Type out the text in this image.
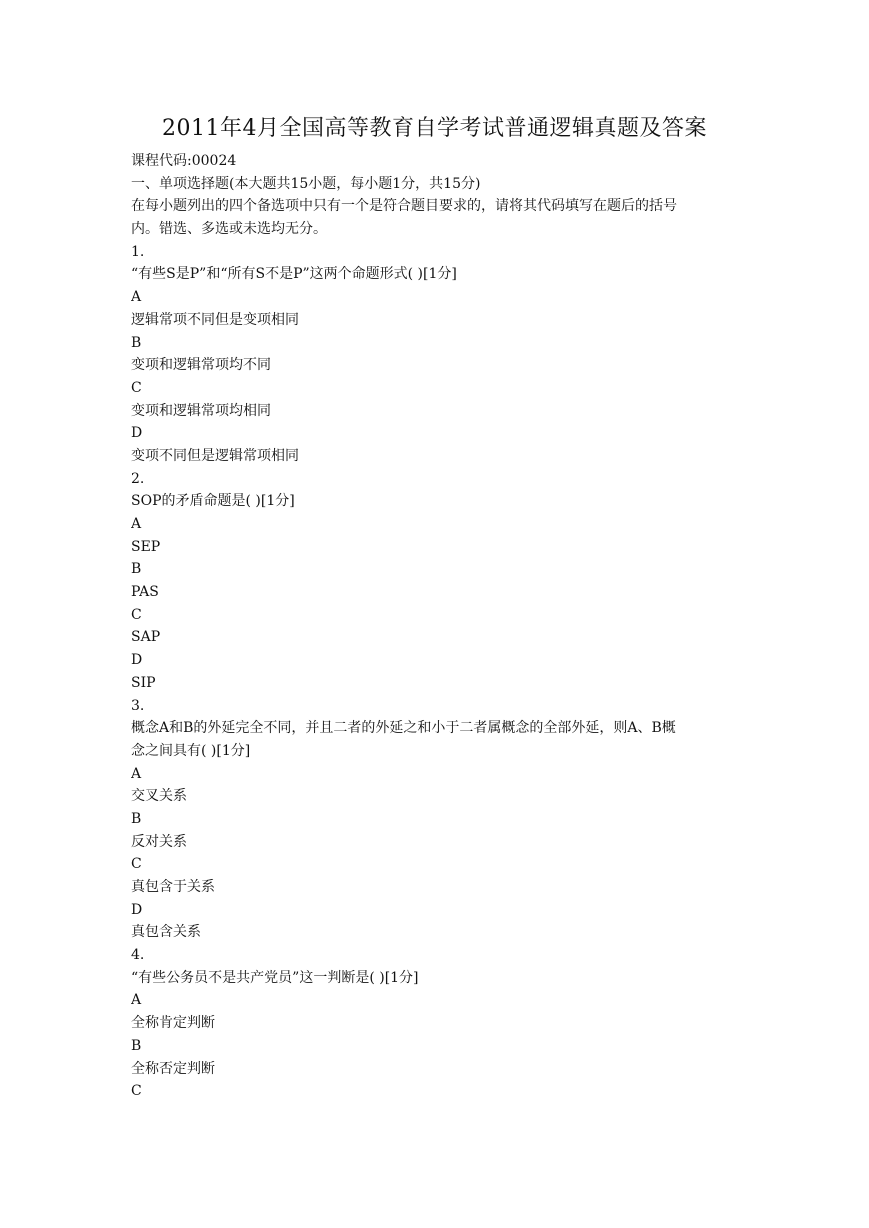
2011年4月全国高等教育自学考试普通逻辑真题及答案
课程代码:00024
一、单项选择题(本大题共15小题，每小题1分，共15分)
在每小题列出的四个备选项中只有一个是符合题目要求的，请将其代码填写在题后的括号
内。错选、多选或未选均无分。
1.
“有些S是P”和“所有S不是P”这两个命题形式( )[1分]
A
逻辑常项不同但是变项相同
B
变项和逻辑常项均不同
C
变项和逻辑常项均相同
D
变项不同但是逻辑常项相同
2.
SOP的矛盾命题是( )[1分]
A
SEP
B
PAS
C
SAP
D
SIP
3.
概念A和B的外延完全不同，并且二者的外延之和小于二者属概念的全部外延，则A、B概
念之间具有( )[1分]
A
交叉关系
B
反对关系
C
真包含于关系
D
真包含关系
4.
“有些公务员不是共产党员”这一判断是( )[1分]
A
全称肯定判断
B
全称否定判断
C
